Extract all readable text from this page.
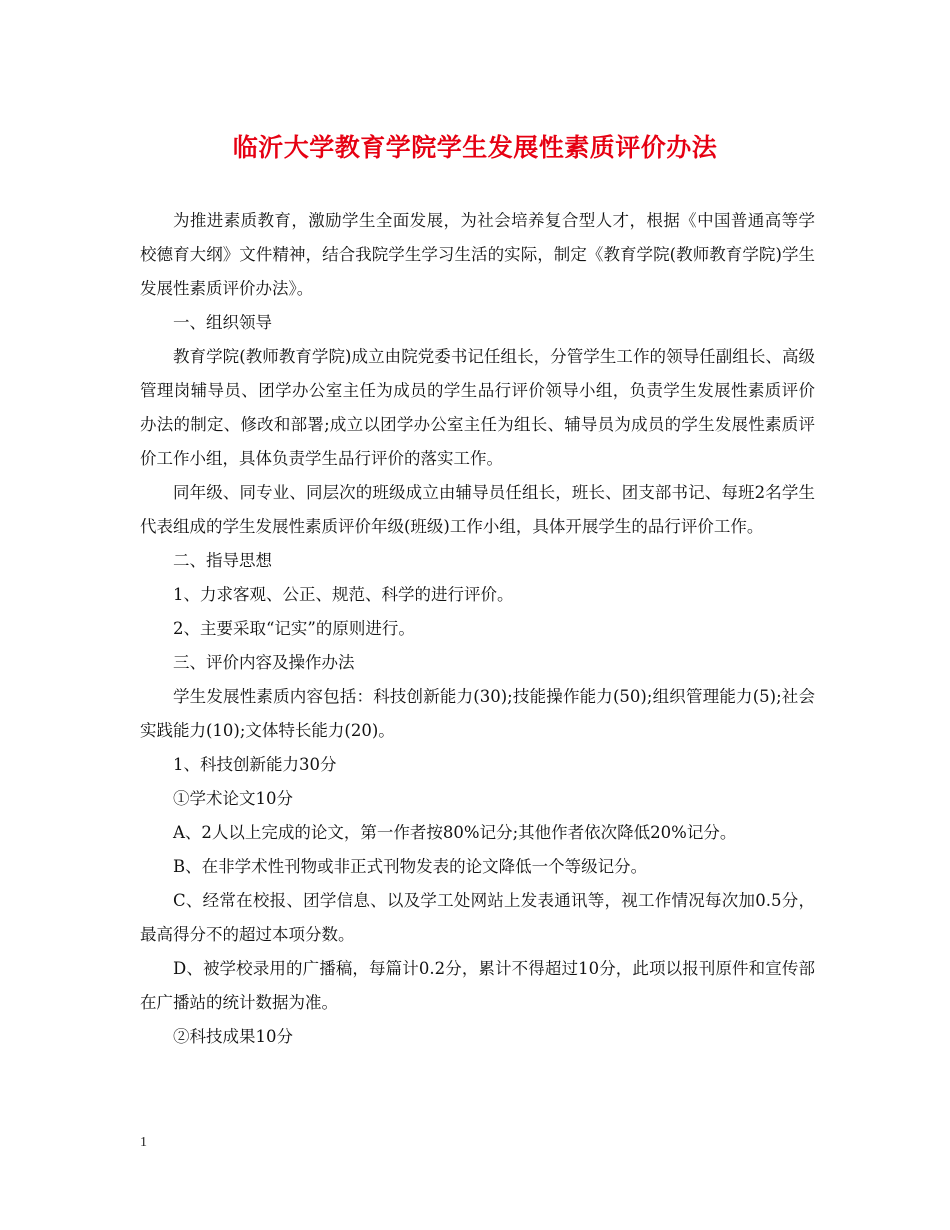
临沂大学教育学院学生发展性素质评价办法

为推进素质教育，激励学生全面发展，为社会培养复合型人才，根据《中国普通高等学校德育大纲》文件精神，结合我院学生学习生活的实际，制定《教育学院(教师教育学院)学生发展性素质评价办法》。

一、组织领导

教育学院(教师教育学院)成立由院党委书记任组长，分管学生工作的领导任副组长、高级管理岗辅导员、团学办公室主任为成员的学生品行评价领导小组，负责学生发展性素质评价办法的制定、修改和部署;成立以团学办公室主任为组长、辅导员为成员的学生发展性素质评价工作小组，具体负责学生品行评价的落实工作。

同年级、同专业、同层次的班级成立由辅导员任组长，班长、团支部书记、每班2名学生代表组成的学生发展性素质评价年级(班级)工作小组，具体开展学生的品行评价工作。

二、指导思想

1、力求客观、公正、规范、科学的进行评价。

2、主要采取“记实”的原则进行。

三、评价内容及操作办法

学生发展性素质内容包括：科技创新能力(30);技能操作能力(50);组织管理能力(5);社会实践能力(10);文体特长能力(20)。

1、科技创新能力30分

①学术论文10分

A、2人以上完成的论文，第一作者按80%记分;其他作者依次降低20%记分。

B、在非学术性刊物或非正式刊物发表的论文降低一个等级记分。

C、经常在校报、团学信息、以及学工处网站上发表通讯等，视工作情况每次加0.5分，最高得分不的超过本项分数。

D、被学校录用的广播稿，每篇计0.2分，累计不得超过10分，此项以报刊原件和宣传部在广播站的统计数据为准。

②科技成果10分

1
